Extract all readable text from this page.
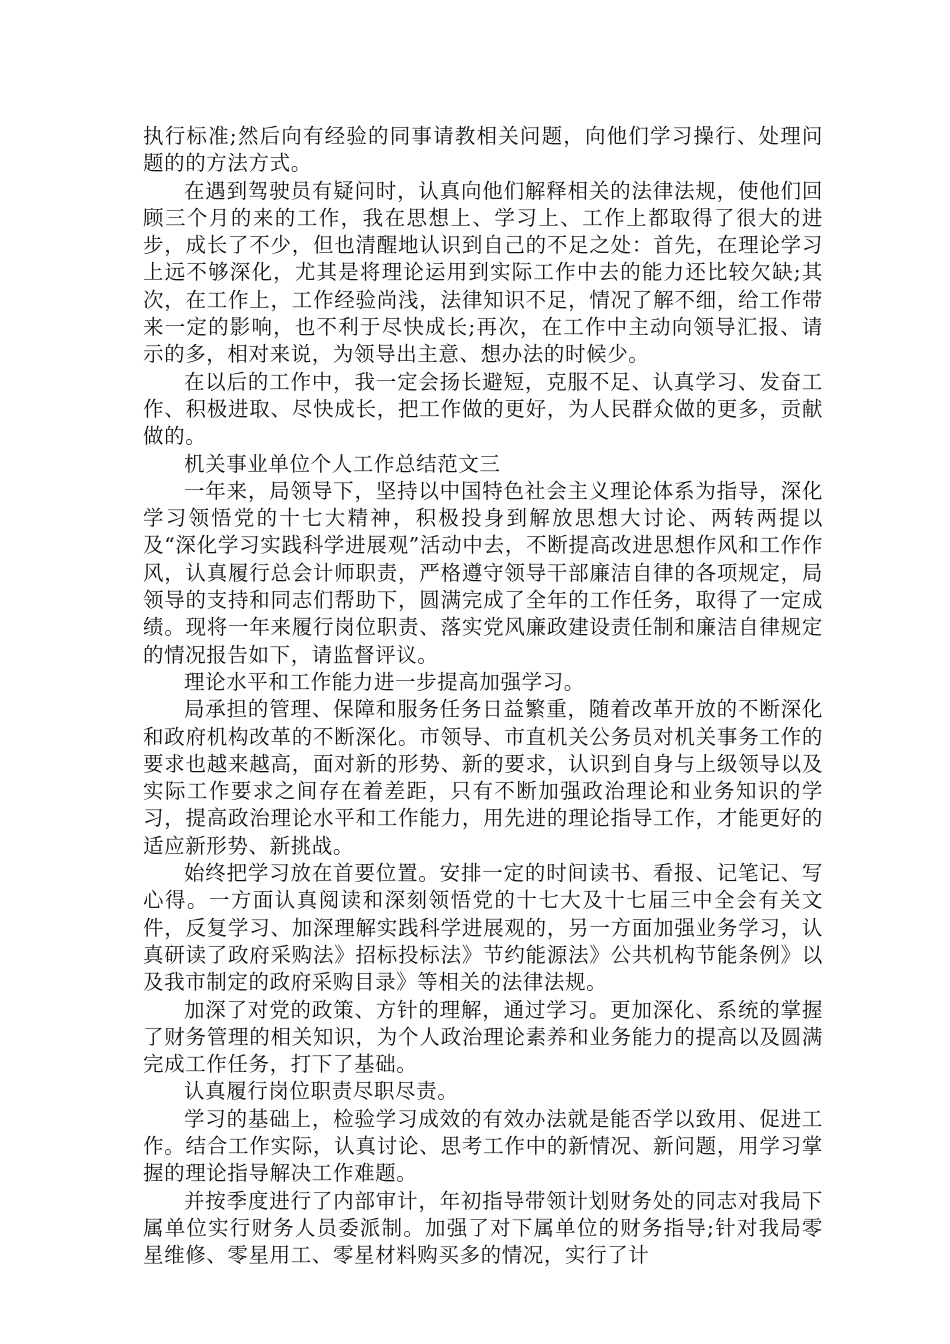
执行标准;然后向有经验的同事请教相关问题，向他们学习操行、处理问题的的方法方式。

在遇到驾驶员有疑问时，认真向他们解释相关的法律法规，使他们回顾三个月的来的工作，我在思想上、学习上、工作上都取得了很大的进步，成长了不少，但也清醒地认识到自己的不足之处：首先，在理论学习上远不够深化，尤其是将理论运用到实际工作中去的能力还比较欠缺;其次，在工作上，工作经验尚浅，法律知识不足，情况了解不细，给工作带来一定的影响，也不利于尽快成长;再次，在工作中主动向领导汇报、请示的多，相对来说，为领导出主意、想办法的时候少。

在以后的工作中，我一定会扬长避短，克服不足、认真学习、发奋工作、积极进取、尽快成长，把工作做的更好，为人民群众做的更多，贡献做的。

机关事业单位个人工作总结范文三

一年来，局领导下，坚持以中国特色社会主义理论体系为指导，深化学习领悟党的十七大精神，积极投身到解放思想大讨论、两转两提以及“深化学习实践科学进展观”活动中去，不断提高改进思想作风和工作作风，认真履行总会计师职责，严格遵守领导干部廉洁自律的各项规定，局领导的支持和同志们帮助下，圆满完成了全年的工作任务，取得了一定成绩。现将一年来履行岗位职责、落实党风廉政建设责任制和廉洁自律规定的情况报告如下，请监督评议。

理论水平和工作能力进一步提高加强学习。

局承担的管理、保障和服务任务日益繁重，随着改革开放的不断深化和政府机构改革的不断深化。市领导、市直机关公务员对机关事务工作的要求也越来越高，面对新的形势、新的要求，认识到自身与上级领导以及实际工作要求之间存在着差距，只有不断加强政治理论和业务知识的学习，提高政治理论水平和工作能力，用先进的理论指导工作，才能更好的适应新形势、新挑战。

始终把学习放在首要位置。安排一定的时间读书、看报、记笔记、写心得。一方面认真阅读和深刻领悟党的十七大及十七届三中全会有关文件，反复学习、加深理解实践科学进展观的，另一方面加强业务学习，认真研读了政府采购法》招标投标法》节约能源法》公共机构节能条例》以及我市制定的政府采购目录》等相关的法律法规。

加深了对党的政策、方针的理解，通过学习。更加深化、系统的掌握了财务管理的相关知识，为个人政治理论素养和业务能力的提高以及圆满完成工作任务，打下了基础。

认真履行岗位职责尽职尽责。

学习的基础上，检验学习成效的有效办法就是能否学以致用、促进工作。结合工作实际，认真讨论、思考工作中的新情况、新问题，用学习掌握的理论指导解决工作难题。

并按季度进行了内部审计，年初指导带领计划财务处的同志对我局下属单位实行财务人员委派制。加强了对下属单位的财务指导;针对我局零星维修、零星用工、零星材料购买多的情况，实行了计
